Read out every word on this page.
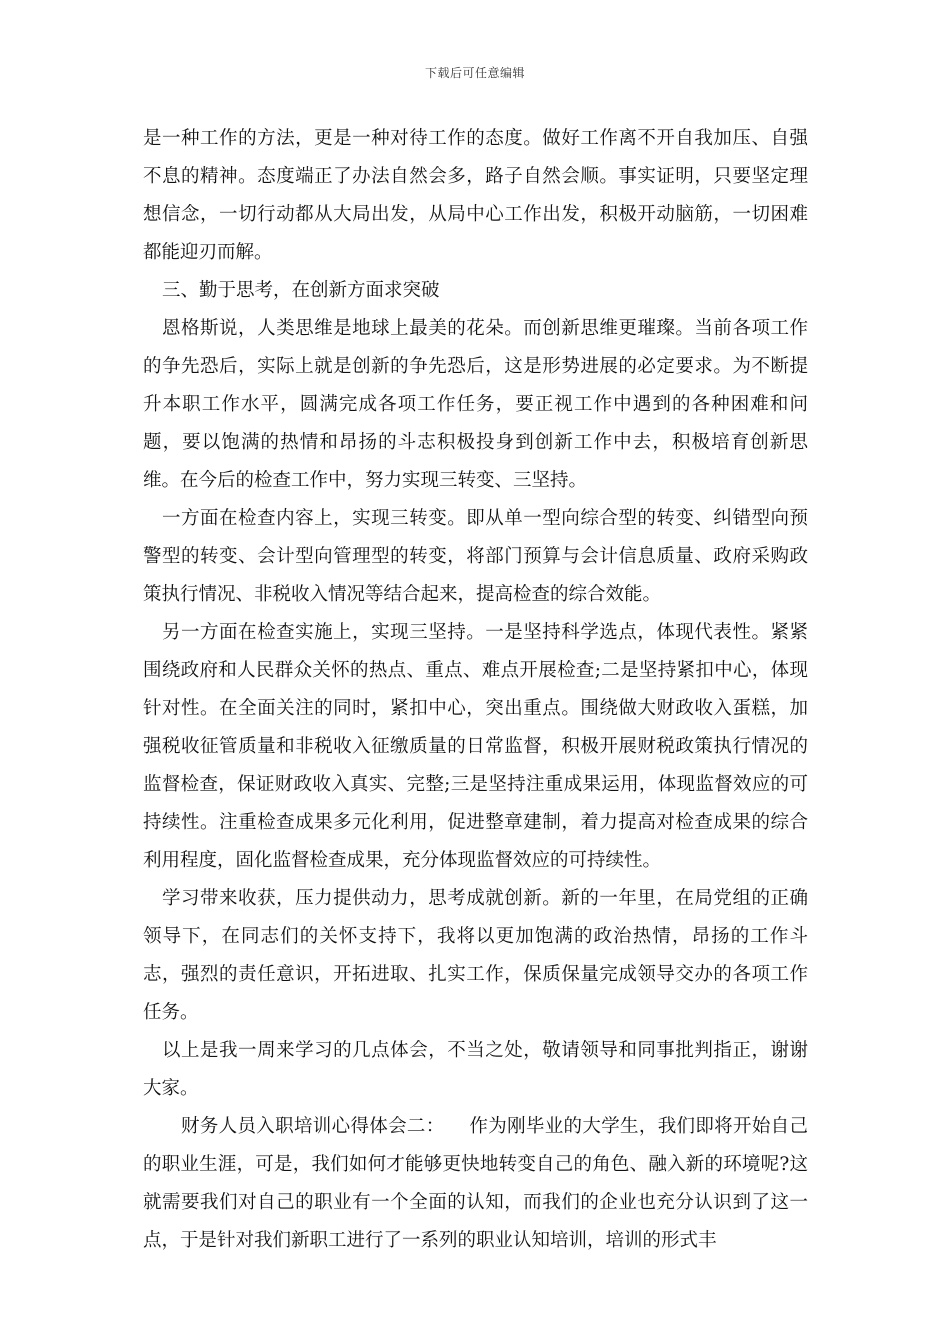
下载后可任意编辑

是一种工作的方法，更是一种对待工作的态度。做好工作离不开自我加压、自强不息的精神。态度端正了办法自然会多，路子自然会顺。事实证明，只要坚定理想信念，一切行动都从大局出发，从局中心工作出发，积极开动脑筋，一切困难都能迎刃而解。

三、勤于思考，在创新方面求突破

恩格斯说，人类思维是地球上最美的花朵。而创新思维更璀璨。当前各项工作的争先恐后，实际上就是创新的争先恐后，这是形势进展的必定要求。为不断提升本职工作水平，圆满完成各项工作任务，要正视工作中遇到的各种困难和问题，要以饱满的热情和昂扬的斗志积极投身到创新工作中去，积极培育创新思维。在今后的检查工作中，努力实现三转变、三坚持。

一方面在检查内容上，实现三转变。即从单一型向综合型的转变、纠错型向预警型的转变、会计型向管理型的转变，将部门预算与会计信息质量、政府采购政策执行情况、非税收入情况等结合起来，提高检查的综合效能。

另一方面在检查实施上，实现三坚持。一是坚持科学选点，体现代表性。紧紧围绕政府和人民群众关怀的热点、重点、难点开展检查;二是坚持紧扣中心，体现针对性。在全面关注的同时，紧扣中心，突出重点。围绕做大财政收入蛋糕，加强税收征管质量和非税收入征缴质量的日常监督，积极开展财税政策执行情况的监督检查，保证财政收入真实、完整;三是坚持注重成果运用，体现监督效应的可持续性。注重检查成果多元化利用，促进整章建制，着力提高对检查成果的综合利用程度，固化监督检查成果，充分体现监督效应的可持续性。

学习带来收获，压力提供动力，思考成就创新。新的一年里，在局党组的正确领导下，在同志们的关怀支持下，我将以更加饱满的政治热情，昂扬的工作斗志，强烈的责任意识，开拓进取、扎实工作，保质保量完成领导交办的各项工作任务。

以上是我一周来学习的几点体会，不当之处，敬请领导和同事批判指正，谢谢大家。

财务人员入职培训心得体会二：    作为刚毕业的大学生，我们即将开始自己的职业生涯，可是，我们如何才能够更快地转变自己的角色、融入新的环境呢?这就需要我们对自己的职业有一个全面的认知，而我们的企业也充分认识到了这一点，于是针对我们新职工进行了一系列的职业认知培训，培训的形式丰
